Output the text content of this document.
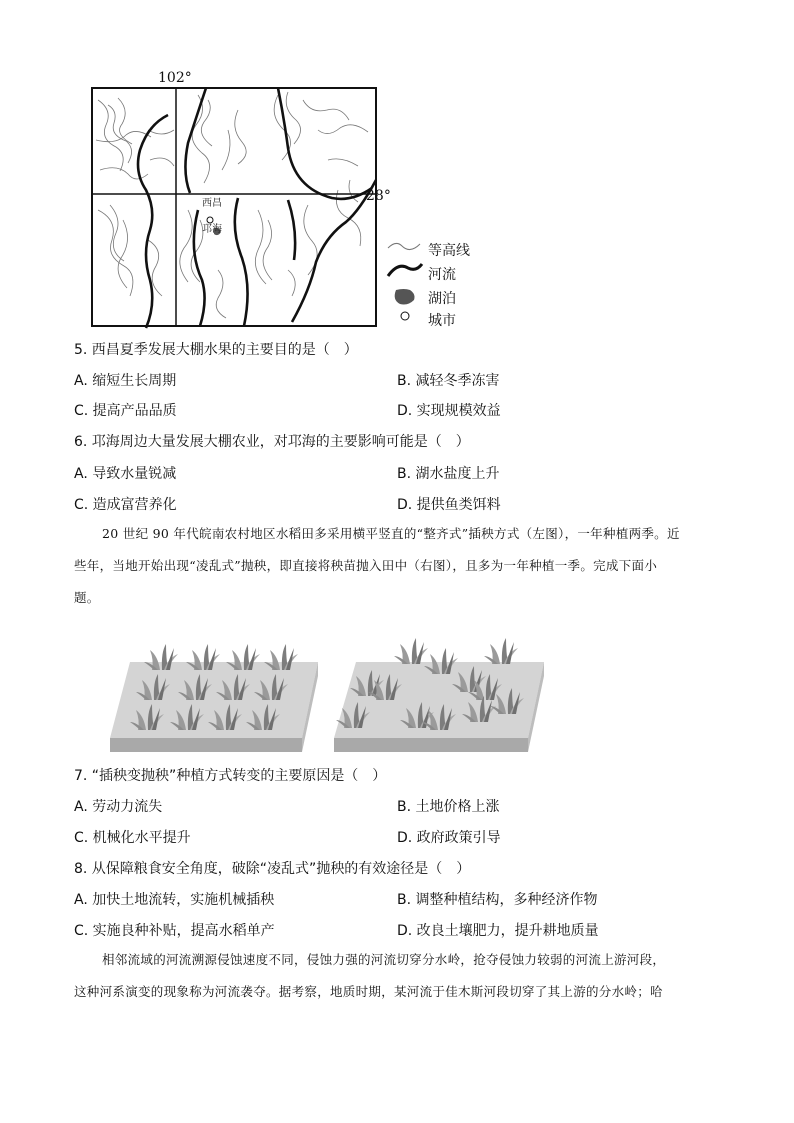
102°
28°
西昌
邛海
等高线
河流
湖泊
城市
5. 西昌夏季发展大棚水果的主要目的是（　）
A. 缩短生长周期	B. 减轻冬季冻害
C. 提高产品品质	D. 实现规模效益
6. 邛海周边大量发展大棚农业，对邛海的主要影响可能是（　）
A. 导致水量锐减	B. 湖水盐度上升
C. 造成富营养化	D. 提供鱼类饵料
20 世纪 90 年代皖南农村地区水稻田多采用横平竖直的“整齐式”插秧方式（左图），一年种植两季。近
些年，当地开始出现“凌乱式”抛秧，即直接将秧苗抛入田中（右图），且多为一年种植一季。完成下面小
题。
7. “插秧变抛秧”种植方式转变的主要原因是（　）
A. 劳动力流失	B. 土地价格上涨
C. 机械化水平提升	D. 政府政策引导
8. 从保障粮食安全角度，破除“凌乱式”抛秧的有效途径是（　）
A. 加快土地流转，实施机械插秧	B. 调整种植结构，多种经济作物
C. 实施良种补贴，提高水稻单产	D. 改良土壤肥力，提升耕地质量
相邻流域的河流溯源侵蚀速度不同，侵蚀力强的河流切穿分水岭，抢夺侵蚀力较弱的河流上游河段，
这种河系演变的现象称为河流袭夺。据考察，地质时期，某河流于佳木斯河段切穿了其上游的分水岭；哈
